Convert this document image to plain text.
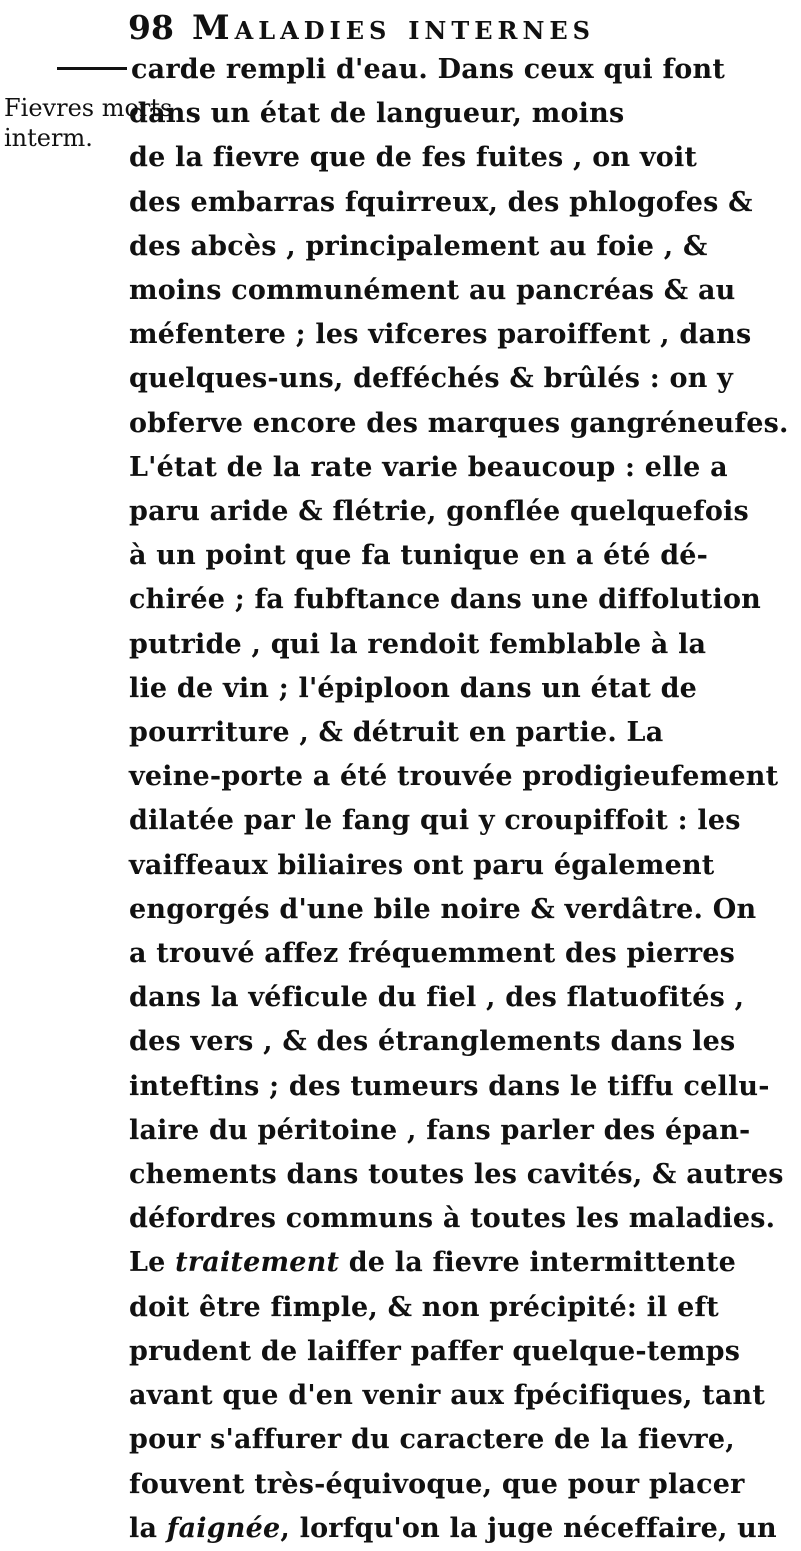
98 Maladies internes
Fievres morts
interm.
carde rempli d'eau. Dans ceux qui font
dans un état de langueur, moins
de la fievre que de fes fuites , on voit
des embarras fquirreux, des phlogofes &
des abcès , principalement au foie , &
moins communément au pancréas & au
méfentere ; les vifceres paroiffent , dans
quelques-uns, defféchés & brûlés : on y
obferve encore des marques gangréneufes.
L'état de la rate varie beaucoup : elle a
paru aride & flétrie, gonflée quelquefois
à un point que fa tunique en a été dé-
chirée ; fa fubftance dans une diffolution
putride , qui la rendoit femblable à la
lie de vin ; l'épiploon dans un état de
pourriture , & détruit en partie. La
veine-porte a été trouvée prodigieufement
dilatée par le fang qui y croupiffoit : les
vaiffeaux biliaires ont paru également
engorgés d'une bile noire & verdâtre. On
a trouvé affez fréquemment des pierres
dans la véficule du fiel , des flatuofités ,
des vers , & des étranglements dans les
inteftins ; des tumeurs dans le tiffu cellu-
laire du péritoine , fans parler des épan-
chements dans toutes les cavités, & autres
défordres communs à toutes les maladies.
Le traitement de la fievre intermittente
doit être fimple, & non précipité: il eft
prudent de laiffer paffer quelque-temps
avant que d'en venir aux fpécifiques, tant
pour s'affurer du caractere de la fievre,
fouvent très-équivoque, que pour placer
la faignée, lorfqu'on la juge néceffaire, un
